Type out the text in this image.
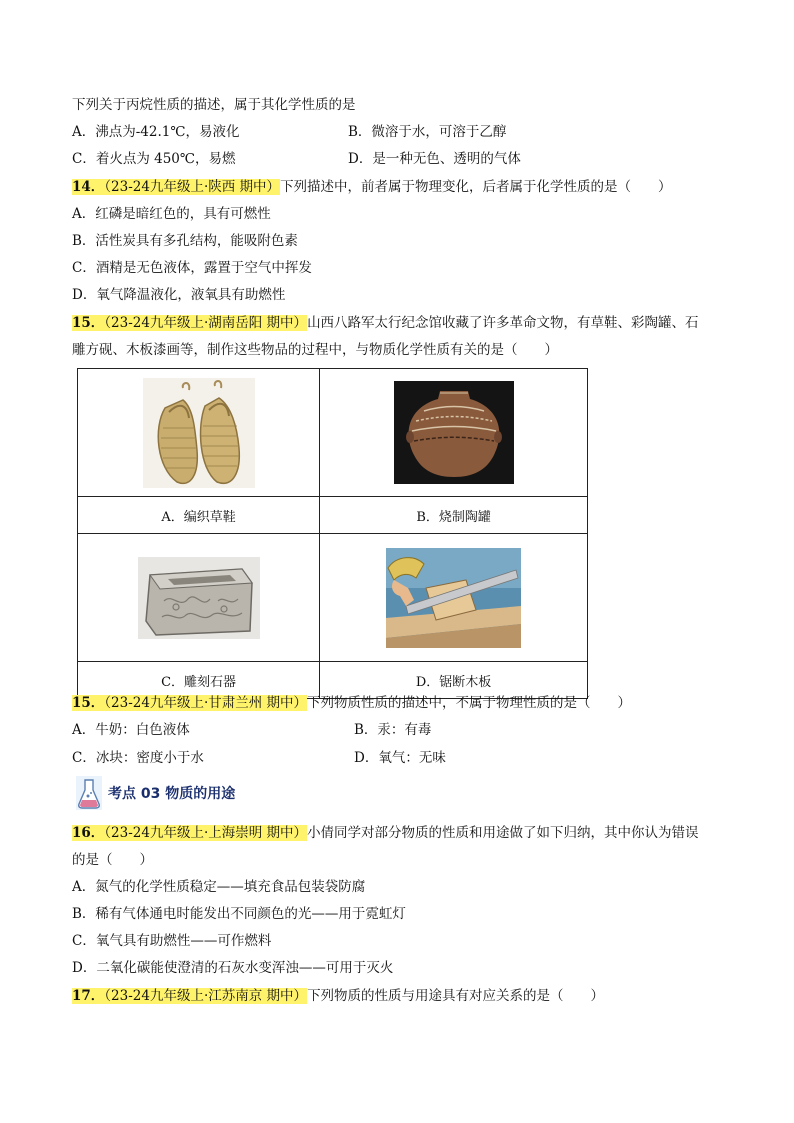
下列关于丙烷性质的描述，属于其化学性质的是
A．沸点为-42.1℃，易液化	B．微溶于水，可溶于乙醇
C．着火点为 450℃，易燃	D．是一种无色、透明的气体
14．（23-24九年级上·陕西 期中）下列描述中，前者属于物理变化，后者属于化学性质的是（　　）
A．红磷是暗红色的，具有可燃性
B．活性炭具有多孔结构，能吸附色素
C．酒精是无色液体，露置于空气中挥发
D．氧气降温液化，液氧具有助燃性
15．（23-24九年级上·湖南岳阳 期中）山西八路军太行纪念馆收藏了许多革命文物，有草鞋、彩陶罐、石
雕方砚、木板漆画等，制作这些物品的过程中，与物质化学性质有关的是（　　）

A．编织草鞋	B．烧制陶罐

C．雕刻石器	D．锯断木板
15．（23-24九年级上·甘肃兰州 期中）下列物质性质的描述中，不属于物理性质的是（　　）
A．牛奶：白色液体	B．汞：有毒
C．冰块：密度小于水	D．氧气：无味
考点 03 物质的用途
16．（23-24九年级上·上海崇明 期中）小倩同学对部分物质的性质和用途做了如下归纳，其中你认为错误
的是（　　）
A．氮气的化学性质稳定——填充食品包装袋防腐
B．稀有气体通电时能发出不同颜色的光——用于霓虹灯
C．氧气具有助燃性——可作燃料
D．二氧化碳能使澄清的石灰水变浑浊——可用于灭火
17．（23-24九年级上·江苏南京 期中）下列物质的性质与用途具有对应关系的是（　　）
